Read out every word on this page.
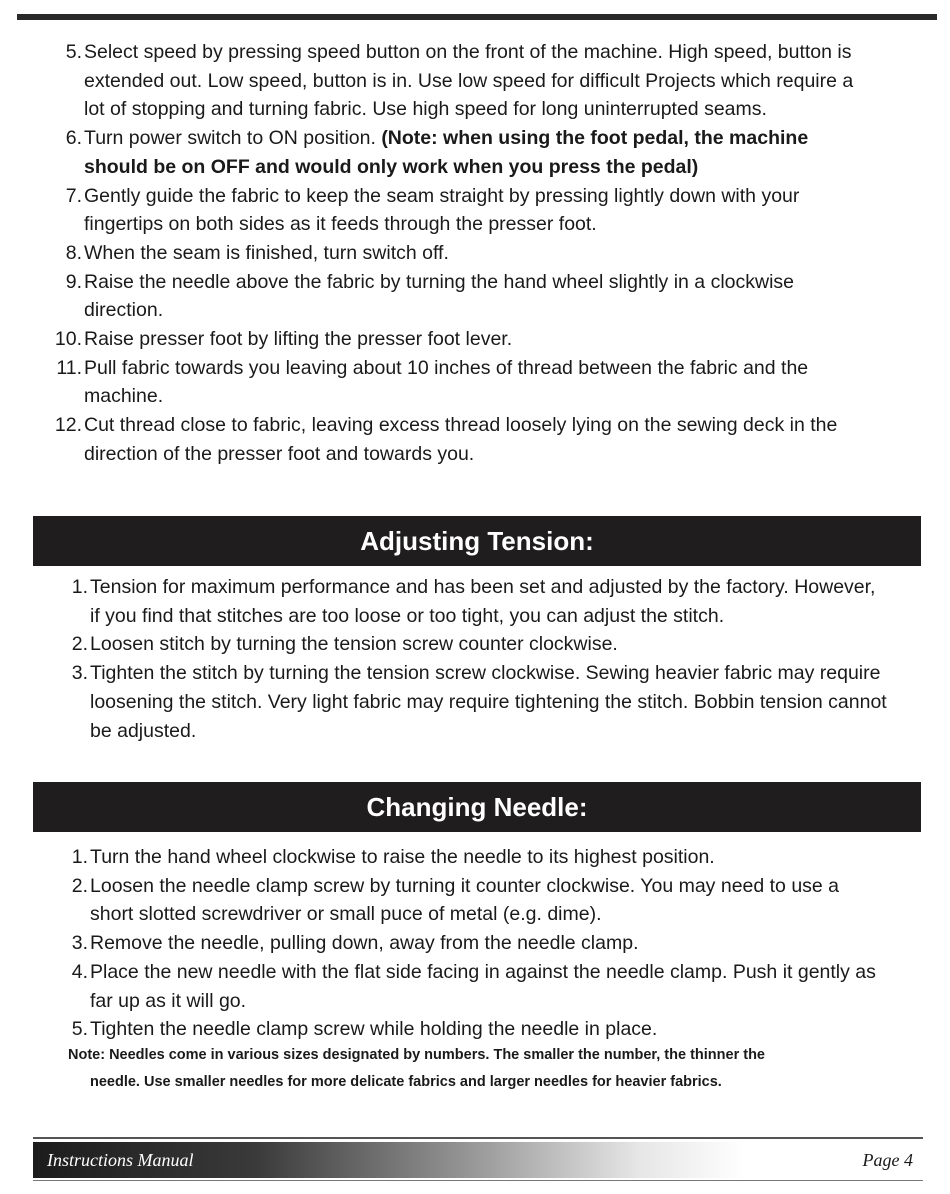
5. Select speed by pressing speed button on the front of the machine. High speed, button is extended out. Low speed, button is in. Use low speed for difficult Projects which require a lot of stopping and turning fabric. Use high speed for long uninterrupted seams.
6. Turn power switch to ON position. (Note: when using the foot pedal, the machine should be on OFF and would only work when you press the pedal)
7. Gently guide the fabric to keep the seam straight by pressing lightly down with your fingertips on both sides as it feeds through the presser foot.
8. When the seam is finished, turn switch off.
9. Raise the needle above the fabric by turning the hand wheel slightly in a clockwise direction.
10. Raise presser foot by lifting the presser foot lever.
11. Pull fabric towards you leaving about 10 inches of thread between the fabric and the machine.
12. Cut thread close to fabric, leaving excess thread loosely lying on the sewing deck in the direction of the presser foot and towards you.
Adjusting Tension:
1. Tension for maximum performance and has been set and adjusted by the factory. However, if you find that stitches are too loose or too tight, you can adjust the stitch.
2. Loosen stitch by turning the tension screw counter clockwise.
3. Tighten the stitch by turning the tension screw clockwise. Sewing heavier fabric may require loosening the stitch. Very light fabric may require tightening the stitch. Bobbin tension cannot be adjusted.
Changing Needle:
1. Turn the hand wheel clockwise to raise the needle to its highest position.
2. Loosen the needle clamp screw by turning it counter clockwise. You may need to use a short slotted screwdriver or small puce of metal (e.g. dime).
3. Remove the needle, pulling down, away from the needle clamp.
4. Place the new needle with the flat side facing in against the needle clamp. Push it gently as far up as it will go.
5. Tighten the needle clamp screw while holding the needle in place.
Note: Needles come in various sizes designated by numbers. The smaller the number, the thinner the
needle. Use smaller needles for more delicate fabrics and larger needles for heavier fabrics.
Instructions Manual	Page 4
